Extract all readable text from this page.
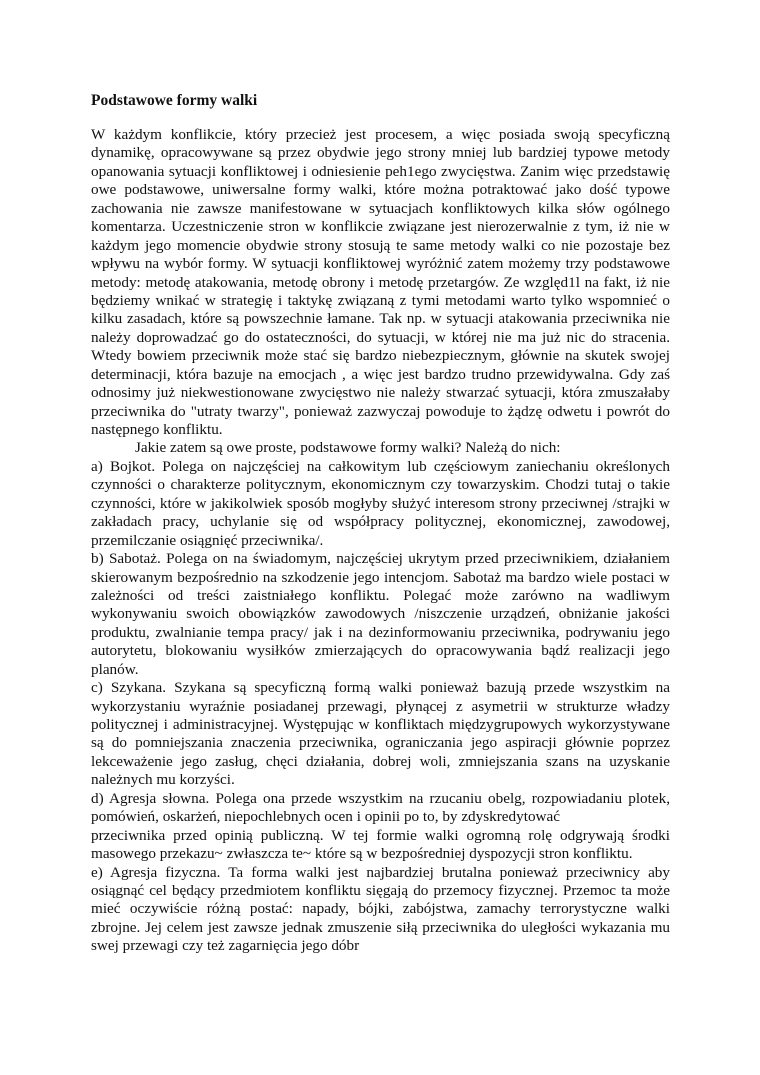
Podstawowe formy walki
W każdym konflikcie, który przecież jest procesem, a więc posiada swoją specyficzną
dynamikę, opracowywane są przez obydwie jego strony mniej lub bardziej typowe metody
opanowania sytuacji konfliktowej i odniesienie peh1ego zwycięstwa. Zanim więc przedstawię
owe podstawowe, uniwersalne formy walki, które można potraktować jako dość typowe
zachowania nie zawsze manifestowane w sytuacjach konfliktowych kilka słów ogólnego
komentarza. Uczestniczenie stron w konflikcie związane jest nierozerwalnie z tym, iż nie w
każdym jego momencie obydwie strony stosują te same metody walki co nie pozostaje bez
wpływu na wybór formy. W sytuacji konfliktowej wyróżnić zatem możemy trzy podstawowe
metody: metodę atakowania, metodę obrony i metodę przetargów. Ze względ1l na fakt, iż nie
będziemy wnikać w strategię i taktykę związaną z tymi metodami warto tylko wspomnieć o
kilku zasadach, które są powszechnie łamane. Tak np. w sytuacji atakowania przeciwnika nie
należy doprowadzać go do ostateczności, do sytuacji, w której nie ma już nic do stracenia.
Wtedy bowiem przeciwnik może stać się bardzo niebezpiecznym, głównie na skutek swojej
determinacji, która bazuje na emocjach , a więc jest bardzo trudno przewidywalna. Gdy zaś
odnosimy już niekwestionowane zwycięstwo nie należy stwarzać sytuacji, która zmuszałaby
przeciwnika do "utraty twarzy", ponieważ zazwyczaj powoduje to żądzę odwetu i powrót do
następnego konfliktu.
Jakie zatem są owe proste, podstawowe formy walki? Należą do nich:
a) Bojkot. Polega on najczęściej na całkowitym lub częściowym zaniechaniu określonych
czynności o charakterze politycznym, ekonomicznym czy towarzyskim. Chodzi tutaj o takie
czynności, które w jakikolwiek sposób mogłyby służyć interesom strony przeciwnej /strajki w
zakładach pracy, uchylanie się od współpracy politycznej, ekonomicznej, zawodowej,
przemilczanie osiągnięć przeciwnika/.
b) Sabotaż. Polega on na świadomym, najczęściej ukrytym przed przeciwnikiem, działaniem
skierowanym bezpośrednio na szkodzenie jego intencjom. Sabotaż ma bardzo wiele postaci w
zależności od treści zaistniałego konfliktu. Polegać może zarówno na wadliwym
wykonywaniu swoich obowiązków zawodowych /niszczenie urządzeń, obniżanie jakości
produktu, zwalnianie tempa pracy/ jak i na dezinformowaniu przeciwnika, podrywaniu jego
autorytetu, blokowaniu wysiłków zmierzających do opracowywania bądź realizacji jego
planów.
c) Szykana. Szykana są specyficzną formą walki ponieważ bazują przede wszystkim na
wykorzystaniu wyraźnie posiadanej przewagi, płynącej z asymetrii w strukturze władzy
politycznej i administracyjnej. Występując w konfliktach międzygrupowych wykorzystywane
są do pomniejszania znaczenia przeciwnika, ograniczania jego aspiracji głównie poprzez
lekceważenie jego zasług, chęci działania, dobrej woli, zmniejszania szans na uzyskanie
należnych mu korzyści.
d) Agresja słowna. Polega ona przede wszystkim na rzucaniu obelg, rozpowiadaniu plotek,
pomówień, oskarżeń, niepochlebnych ocen i opinii po to, by zdyskredytować
przeciwnika przed opinią publiczną. W tej formie walki ogromną rolę odgrywają środki
masowego przekazu~ zwłaszcza te~ które są w bezpośredniej dyspozycji stron konfliktu.
e) Agresja fizyczna. Ta forma walki jest najbardziej brutalna ponieważ przeciwnicy aby
osiągnąć cel będący przedmiotem konfliktu sięgają do przemocy fizycznej. Przemoc ta może
mieć oczywiście różną postać: napady, bójki, zabójstwa, zamachy terrorystyczne walki
zbrojne. Jej celem jest zawsze jednak zmuszenie siłą przeciwnika do uległości wykazania mu
swej przewagi czy też zagarnięcia jego dóbr
